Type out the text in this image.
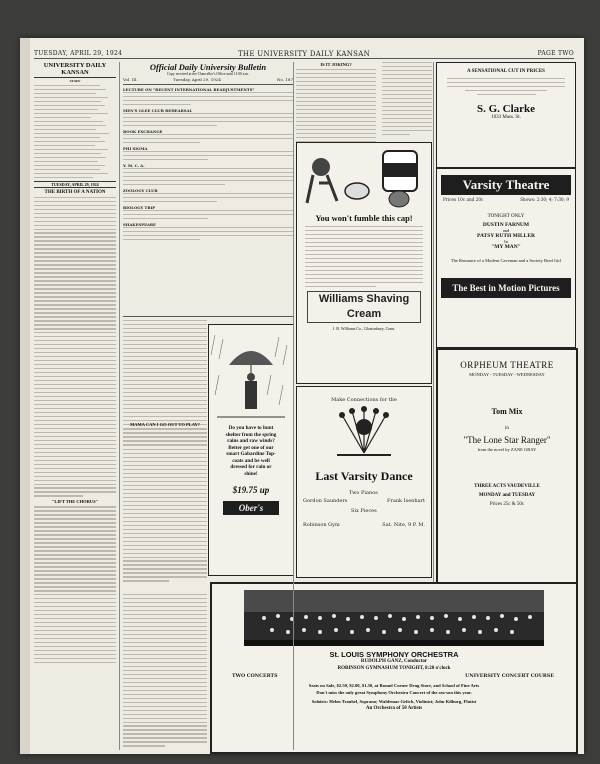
TUESDAY, APRIL 29, 1924	THE UNIVERSITY DAILY KANSAN	PAGE TWO
UNIVERSITY DAILY KANSAN
STAFF
TUESDAY, APRIL 29, 1924
THE BIRTH OF A NATION
"LIFT THE CHORUS"
Official Daily University Bulletin
Copy received at the Chancellor's Office until 11:00 a.m.
Vol. III.	Tuesday, April 29, 1924	No. 187
LECTURE ON "RECENT INTERNATIONAL READJUSTMENTS"
MEN'S GLEE CLUB REHEARSAL
BOOK EXCHANGE
PHI SIGMA
Y. M. C. A.
ZOOLOGY CLUB
BIOLOGY TRIP
SHAKESPEARE
Do you have to hunt
shelter from the spring
rains and raw winds?
Better get one of our
smart Gabardine Top-
coats and be well
dressed for rain or
shine!
$19.75 up
Ober's
IS IT JOKING?
You won't fumble this cap!
Williams Shaving Cream
J. B. Williams Co., Glastonbury, Conn.
MAMA CAN I GO OUT TO PLAY?
Make Connections for the
Last Varsity Dance
Gordon Saunders
Two Pianos
Six Pieces
Frank Isenhart
Robinson Gym	Sat. Nite, 9 P. M.
A SENSATIONAL CUT IN PRICES
S. G. Clarke
1033 Mass. St.
Varsity Theatre
Prices 10c and 20c	Shows: 2:30; 4; 7:30; 9
TONIGHT ONLY
DUSTIN FARNUM
and
PATSY RUTH MILLER
In
"MY MAN"
The Romance of a Modern Caveman and a Society Bred Girl
The Best in Motion Pictures
ORPHEUM THEATRE
MONDAY - TUESDAY - WEDNESDAY
Tom Mix
in
"The Lone Star Ranger"
from the novel by ZANE GRAY
THREE ACTS VAUDEVILLE
MONDAY and TUESDAY
Prices 25c & 50c
St. LOUIS SYMPHONY ORCHESTRA
RUDOLPH GANZ, Conductor
ROBINSON GYMNASIUM TONIGHT, 8:20 o'clock
TWO CONCERTS	UNIVERSITY CONCERT COURSE
Seats on Sale, $2.50, $2.00, $1.50, at Round Corner Drug Store, and School of Fine Arts
Don't miss the only great Symphony Orchestra Concert of the sea-son this year.
Soloists: Helen Traubel, Soprano; Waldemar Geltch, Violinist; John Kilburg, Flutist
An Orchestra of 50 Artists
